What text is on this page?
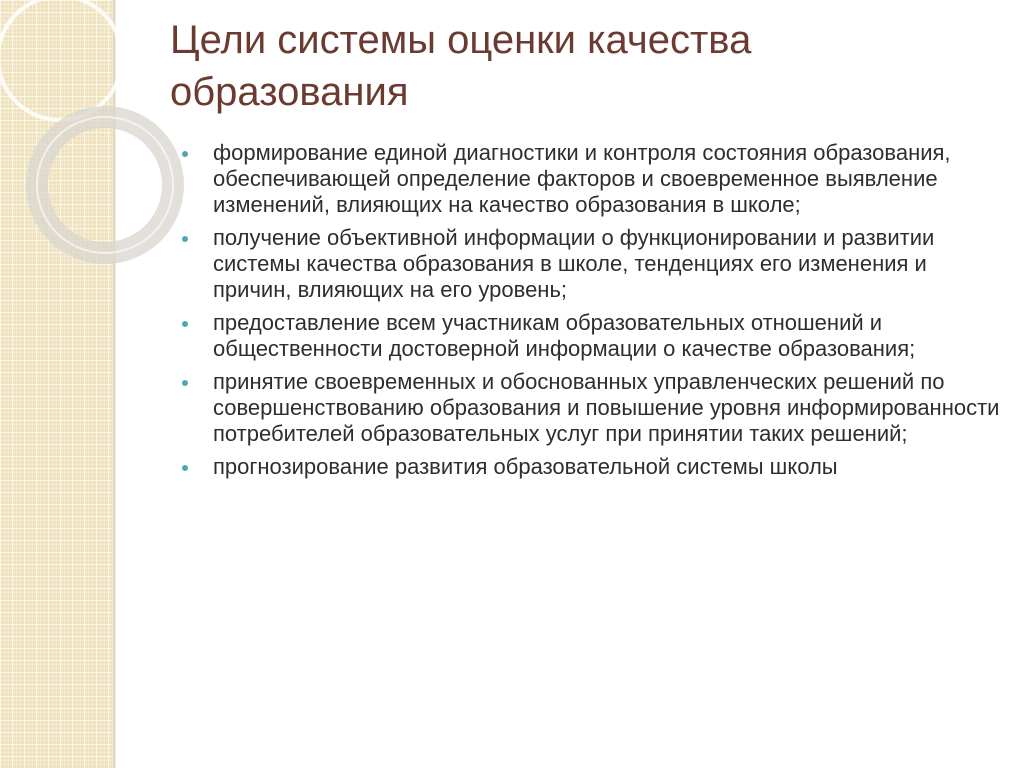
Цели системы оценки качества образования
формирование единой диагностики и контроля состояния образования, обеспечивающей определение факторов и своевременное выявление изменений, влияющих на качество образования в школе;
получение объективной информации о функционировании и развитии системы качества образования в школе, тенденциях его изменения и причин, влияющих на его уровень;
предоставление всем участникам образовательных отношений и общественности достоверной информации о качестве образования;
принятие своевременных и обоснованных управленческих решений по совершенствованию образования и повышение уровня информированности потребителей образовательных услуг при принятии таких решений;
прогнозирование развития образовательной системы школы
